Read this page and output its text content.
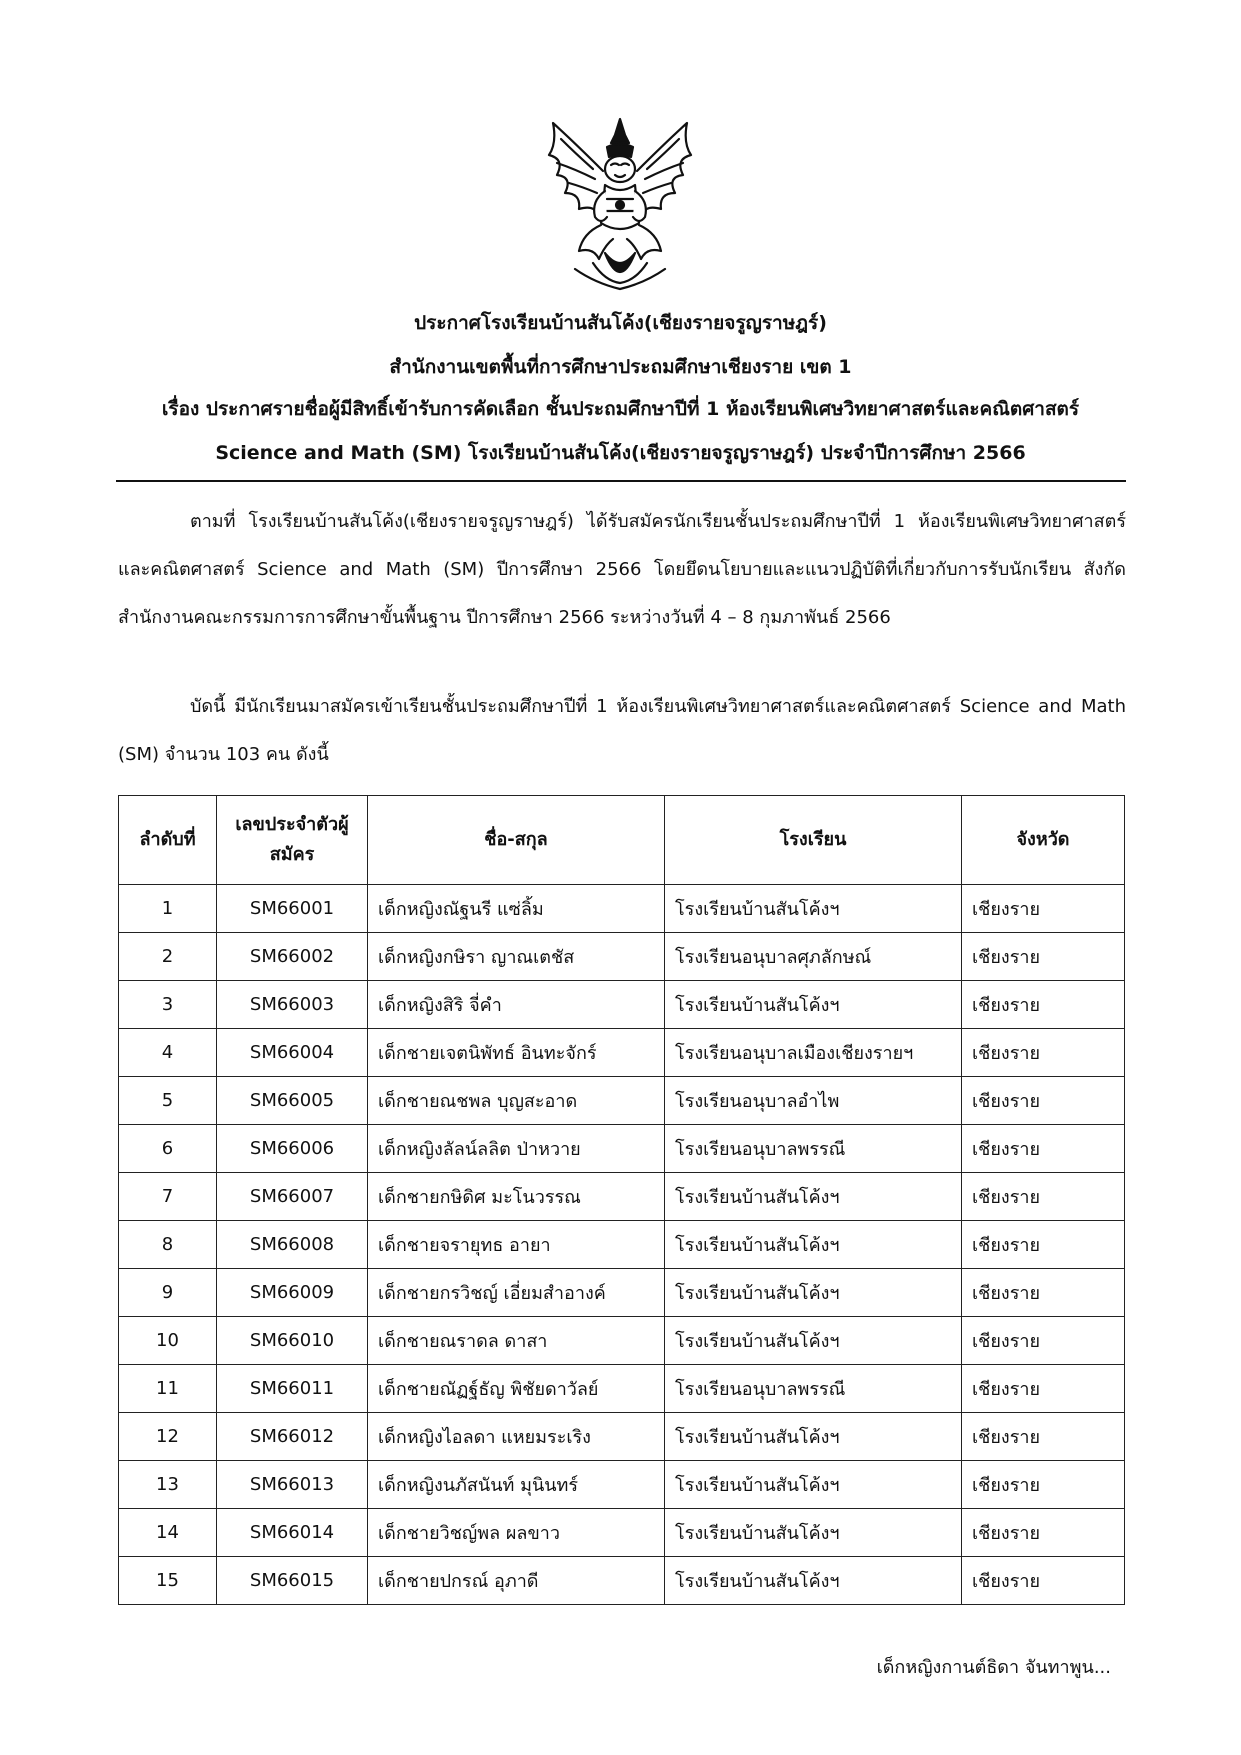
ประกาศโรงเรียนบ้านสันโค้ง(เชียงรายจรูญราษฎร์)
สำนักงานเขตพื้นที่การศึกษาประถมศึกษาเชียงราย เขต 1
เรื่อง ประกาศรายชื่อผู้มีสิทธิ์เข้ารับการคัดเลือก ชั้นประถมศึกษาปีที่ 1 ห้องเรียนพิเศษวิทยาศาสตร์และคณิตศาสตร์
Science and Math (SM) โรงเรียนบ้านสันโค้ง(เชียงรายจรูญราษฎร์) ประจำปีการศึกษา 2566
ตามที่ โรงเรียนบ้านสันโค้ง(เชียงรายจรูญราษฎร์) ได้รับสมัครนักเรียนชั้นประถมศึกษาปีที่ 1 ห้องเรียนพิเศษวิทยาศาสตร์และคณิตศาสตร์ Science and Math (SM) ปีการศึกษา 2566 โดยยึดนโยบายและแนวปฏิบัติที่เกี่ยวกับการรับนักเรียน สังกัดสำนักงานคณะกรรมการการศึกษาขั้นพื้นฐาน ปีการศึกษา 2566 ระหว่างวันที่ 4 – 8 กุมภาพันธ์ 2566
บัดนี้ มีนักเรียนมาสมัครเข้าเรียนชั้นประถมศึกษาปีที่ 1 ห้องเรียนพิเศษวิทยาศาสตร์และคณิตศาสตร์ Science and Math (SM) จำนวน 103 คน ดังนี้
ลำดับที่	เลขประจำตัวผู้สมัคร	ชื่อ-สกุล	โรงเรียน	จังหวัด
1	SM66001	เด็กหญิงณัฐนรี แซ่ลิ้ม	โรงเรียนบ้านสันโค้งฯ	เชียงราย
2	SM66002	เด็กหญิงกษิรา ญาณเตชัส	โรงเรียนอนุบาลศุภลักษณ์	เชียงราย
3	SM66003	เด็กหญิงสิริ จี่คำ	โรงเรียนบ้านสันโค้งฯ	เชียงราย
4	SM66004	เด็กชายเจตนิพัทธ์ อินทะจักร์	โรงเรียนอนุบาลเมืองเชียงรายฯ	เชียงราย
5	SM66005	เด็กชายณชพล บุญสะอาด	โรงเรียนอนุบาลอำไพ	เชียงราย
6	SM66006	เด็กหญิงลัลน์ลลิต ป่าหวาย	โรงเรียนอนุบาลพรรณี	เชียงราย
7	SM66007	เด็กชายกษิดิศ มะโนวรรณ	โรงเรียนบ้านสันโค้งฯ	เชียงราย
8	SM66008	เด็กชายจรายุทธ อายา	โรงเรียนบ้านสันโค้งฯ	เชียงราย
9	SM66009	เด็กชายกรวิชญ์ เอี่ยมสำอางค์	โรงเรียนบ้านสันโค้งฯ	เชียงราย
10	SM66010	เด็กชายณราดล ดาสา	โรงเรียนบ้านสันโค้งฯ	เชียงราย
11	SM66011	เด็กชายณัฏฐ์ธัญ พิชัยดาวัลย์	โรงเรียนอนุบาลพรรณี	เชียงราย
12	SM66012	เด็กหญิงไอลดา แหยมระเริง	โรงเรียนบ้านสันโค้งฯ	เชียงราย
13	SM66013	เด็กหญิงนภัสนันท์ มุนินทร์	โรงเรียนบ้านสันโค้งฯ	เชียงราย
14	SM66014	เด็กชายวิชญ์พล ผลขาว	โรงเรียนบ้านสันโค้งฯ	เชียงราย
15	SM66015	เด็กชายปกรณ์ อุภาดี	โรงเรียนบ้านสันโค้งฯ	เชียงราย
เด็กหญิงกานต์ธิดา จันทาพูน...
